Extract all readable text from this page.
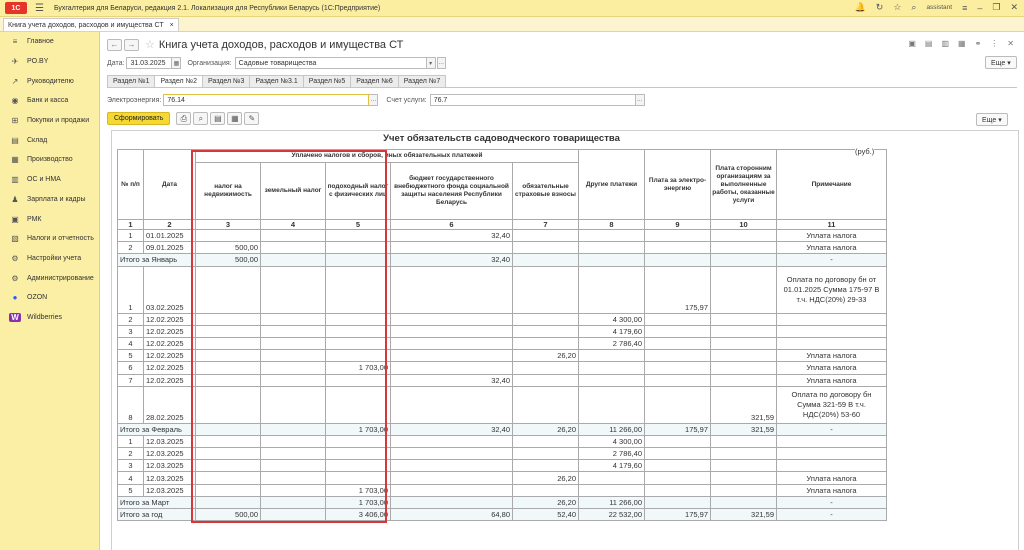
1С	☰ Бухгалтерия для Беларуси, редакция 2.1. Локализация для Республики Беларусь (1С:Предприятие)	🔔 ↻ ☆ ⌕ assistant ≡ – ❐ ✕
Книга учета доходов, расходов и имущества СТ ×
≡	Главное
✈	PO.BY
↗	Руководителю
◉	Банк и касса
⊞	Покупки и продажи
▤	Склад
▦	Производство
▥	ОС и НМА
♟	Зарплата и кадры
▣	РМК
▧	Налоги и отчетность
⚙	Настройки учета
⚙	Администрирование
●	OZON
W	Wildberries
←	→ ☆ Книга учета доходов, расходов и имущества СТ	▣ ▤ ▥ ▦ ⚭ ⋮ ✕
Еще ▾
Дата: 31.03.2025	▦	Организация:	Садовые товарищества	▾	…
Раздел №1	Раздел №2	Раздел №3	Раздел №3.1	Раздел №5	Раздел №6	Раздел №7
Электроэнергия: 76.14	… Счет услуги:	76.7	…
Сформировать	⎙	⌕	▤	▦	✎	Еще ▾
Учет обязательств садоводческого товарищества
№ п/п	Дата	Уплачено налогов и сборов, иных обязательных платежей					Другие платежи	Плата за электро-энергию	Плата сторонним организациям за выполненные работы, оказанные услуги	Примечание
		налог на недвижимость	земельный налог	подоходный налог с физических лиц	бюджет государственного внебюджетного фонда социальной защиты населения Республики Беларусь	обязательные страховые взносы				
1	2	3	4	5	6	7	8	9	10	11
1	01.01.2025				32,40					Уплата налога
2	09.01.2025	500,00								Уплата налога
Итого за Январь		500,00			32,40					-
1	03.02.2025							175,97		Оплата по договору бн от 01.01.2025 Сумма 175-97 В т.ч. НДС(20%) 29-33
2	12.02.2025						4 300,00			
3	12.02.2025						4 179,60			
4	12.02.2025						2 786,40			
5	12.02.2025					26,20				Уплата налога
6	12.02.2025			1 703,00						Уплата налога
7	12.02.2025				32,40					Уплата налога
8	28.02.2025								321,59	Оплата по договору бн Сумма 321-59 В т.ч. НДС(20%) 53-60
Итого за Февраль				1 703,00	32,40	26,20	11 266,00	175,97	321,59	-
1	12.03.2025						4 300,00			
2	12.03.2025						2 786,40			
3	12.03.2025						4 179,60			
4	12.03.2025					26,20				Уплата налога
5	12.03.2025			1 703,00						Уплата налога
Итого за Март				1 703,00		26,20	11 266,00			-
Итого за год		500,00		3 406,00	64,80	52,40	22 532,00	175,97	321,59	-
(руб.)
